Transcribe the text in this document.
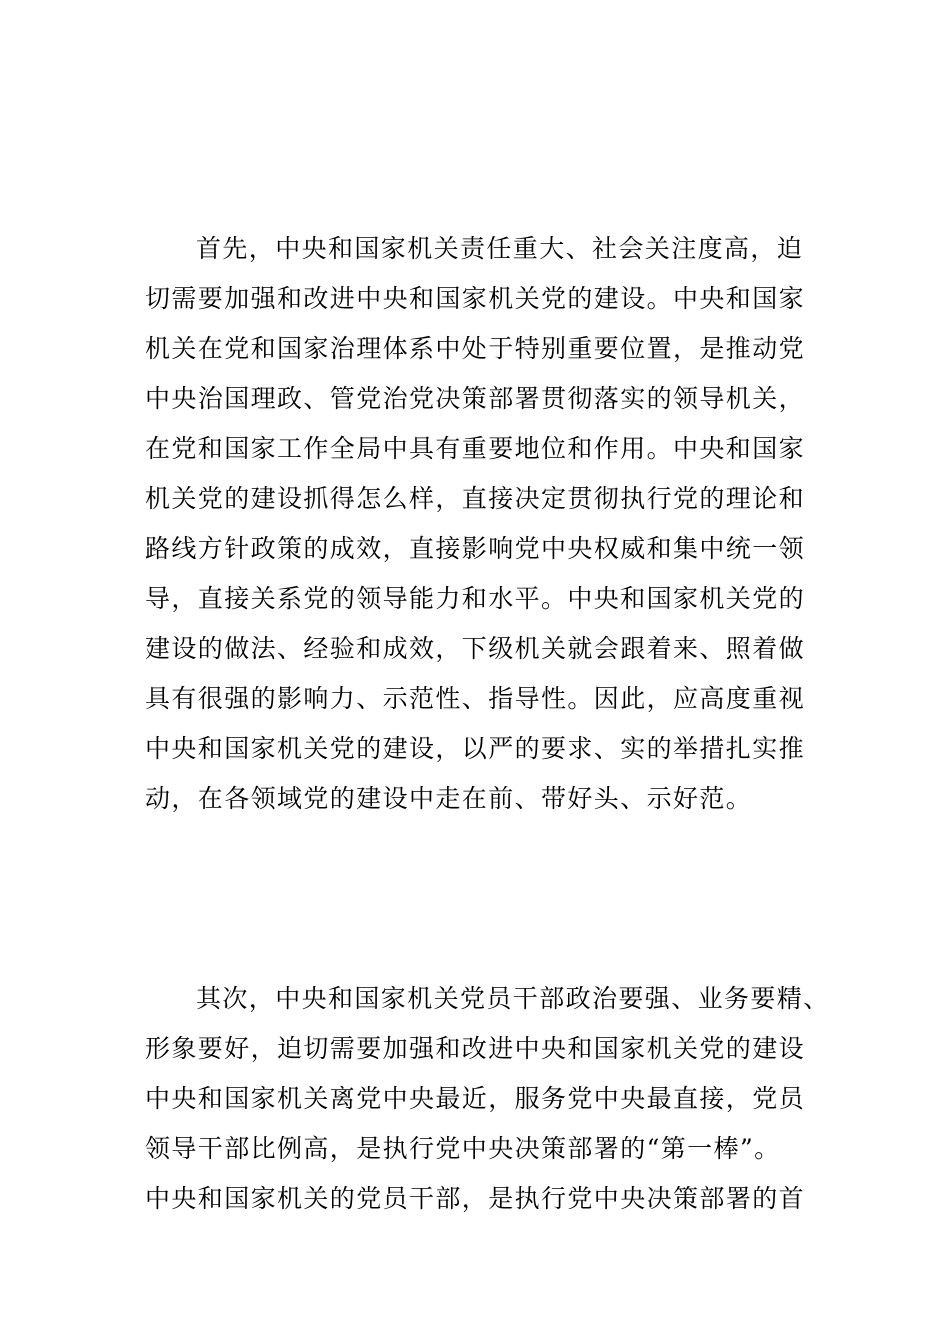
首先，中央和国家机关责任重大、社会关注度高，迫
切需要加强和改进中央和国家机关党的建设。中央和国家
机关在党和国家治理体系中处于特别重要位置，是推动党
中央治国理政、管党治党决策部署贯彻落实的领导机关，
在党和国家工作全局中具有重要地位和作用。中央和国家
机关党的建设抓得怎么样，直接决定贯彻执行党的理论和
路线方针政策的成效，直接影响党中央权威和集中统一领
导，直接关系党的领导能力和水平。中央和国家机关党的
建设的做法、经验和成效，下级机关就会跟着来、照着做
具有很强的影响力、示范性、指导性。因此，应高度重视
中央和国家机关党的建设，以严的要求、实的举措扎实推
动，在各领域党的建设中走在前、带好头、示好范。
其次，中央和国家机关党员干部政治要强、业务要精、
形象要好，迫切需要加强和改进中央和国家机关党的建设
中央和国家机关离党中央最近，服务党中央最直接，党员
领导干部比例高，是执行党中央决策部署的“第一棒”。
中央和国家机关的党员干部，是执行党中央决策部署的首
